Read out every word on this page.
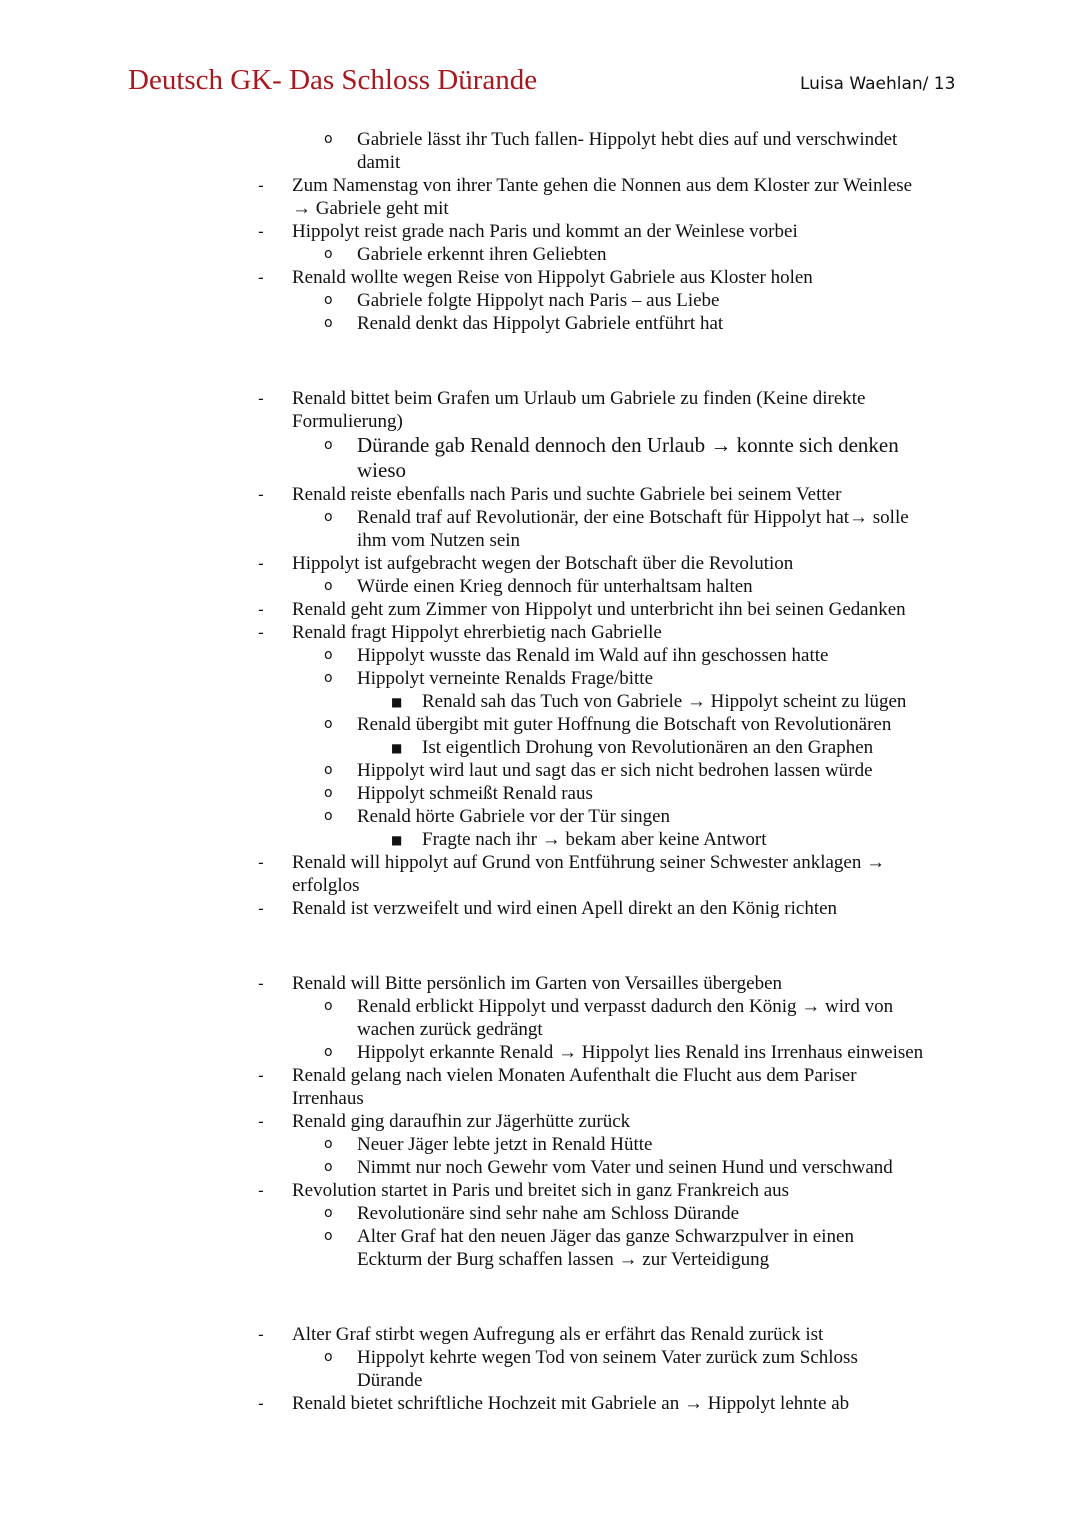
Deutsch GK- Das Schloss Dürande	Luisa Waehlan/ 13
o Gabriele lässt ihr Tuch fallen- Hippolyt hebt dies auf und verschwindet
damit
- Zum Namenstag von ihrer Tante gehen die Nonnen aus dem Kloster zur Weinlese
→ Gabriele geht mit
- Hippolyt reist grade nach Paris und kommt an der Weinlese vorbei
o Gabriele erkennt ihren Geliebten
- Renald wollte wegen Reise von Hippolyt Gabriele aus Kloster holen
o Gabriele folgte Hippolyt nach Paris – aus Liebe
o Renald denkt das Hippolyt Gabriele entführt hat
- Renald bittet beim Grafen um Urlaub um Gabriele zu finden (Keine direkte
Formulierung)
o Dürande gab Renald dennoch den Urlaub → konnte sich denken
wieso
- Renald reiste ebenfalls nach Paris und suchte Gabriele bei seinem Vetter
o Renald traf auf Revolutionär, der eine Botschaft für Hippolyt hat→ solle
ihm vom Nutzen sein
- Hippolyt ist aufgebracht wegen der Botschaft über die Revolution
o Würde einen Krieg dennoch für unterhaltsam halten
- Renald geht zum Zimmer von Hippolyt und unterbricht ihn bei seinen Gedanken
- Renald fragt Hippolyt ehrerbietig nach Gabrielle
o Hippolyt wusste das Renald im Wald auf ihn geschossen hatte
o Hippolyt verneinte Renalds Frage/bitte
■ Renald sah das Tuch von Gabriele → Hippolyt scheint zu lügen
o Renald übergibt mit guter Hoffnung die Botschaft von Revolutionären
■ Ist eigentlich Drohung von Revolutionären an den Graphen
o Hippolyt wird laut und sagt das er sich nicht bedrohen lassen würde
o Hippolyt schmeißt Renald raus
o Renald hörte Gabriele vor der Tür singen
■ Fragte nach ihr → bekam aber keine Antwort
- Renald will hippolyt auf Grund von Entführung seiner Schwester anklagen →
erfolglos
- Renald ist verzweifelt und wird einen Apell direkt an den König richten
- Renald will Bitte persönlich im Garten von Versailles übergeben
o Renald erblickt Hippolyt und verpasst dadurch den König → wird von
wachen zurück gedrängt
o Hippolyt erkannte Renald → Hippolyt lies Renald ins Irrenhaus einweisen
- Renald gelang nach vielen Monaten Aufenthalt die Flucht aus dem Pariser
Irrenhaus
- Renald ging daraufhin zur Jägerhütte zurück
o Neuer Jäger lebte jetzt in Renald Hütte
o Nimmt nur noch Gewehr vom Vater und seinen Hund und verschwand
- Revolution startet in Paris und breitet sich in ganz Frankreich aus
o Revolutionäre sind sehr nahe am Schloss Dürande
o Alter Graf hat den neuen Jäger das ganze Schwarzpulver in einen
Eckturm der Burg schaffen lassen → zur Verteidigung
- Alter Graf stirbt wegen Aufregung als er erfährt das Renald zurück ist
o Hippolyt kehrte wegen Tod von seinem Vater zurück zum Schloss
Dürande
- Renald bietet schriftliche Hochzeit mit Gabriele an → Hippolyt lehnte ab
